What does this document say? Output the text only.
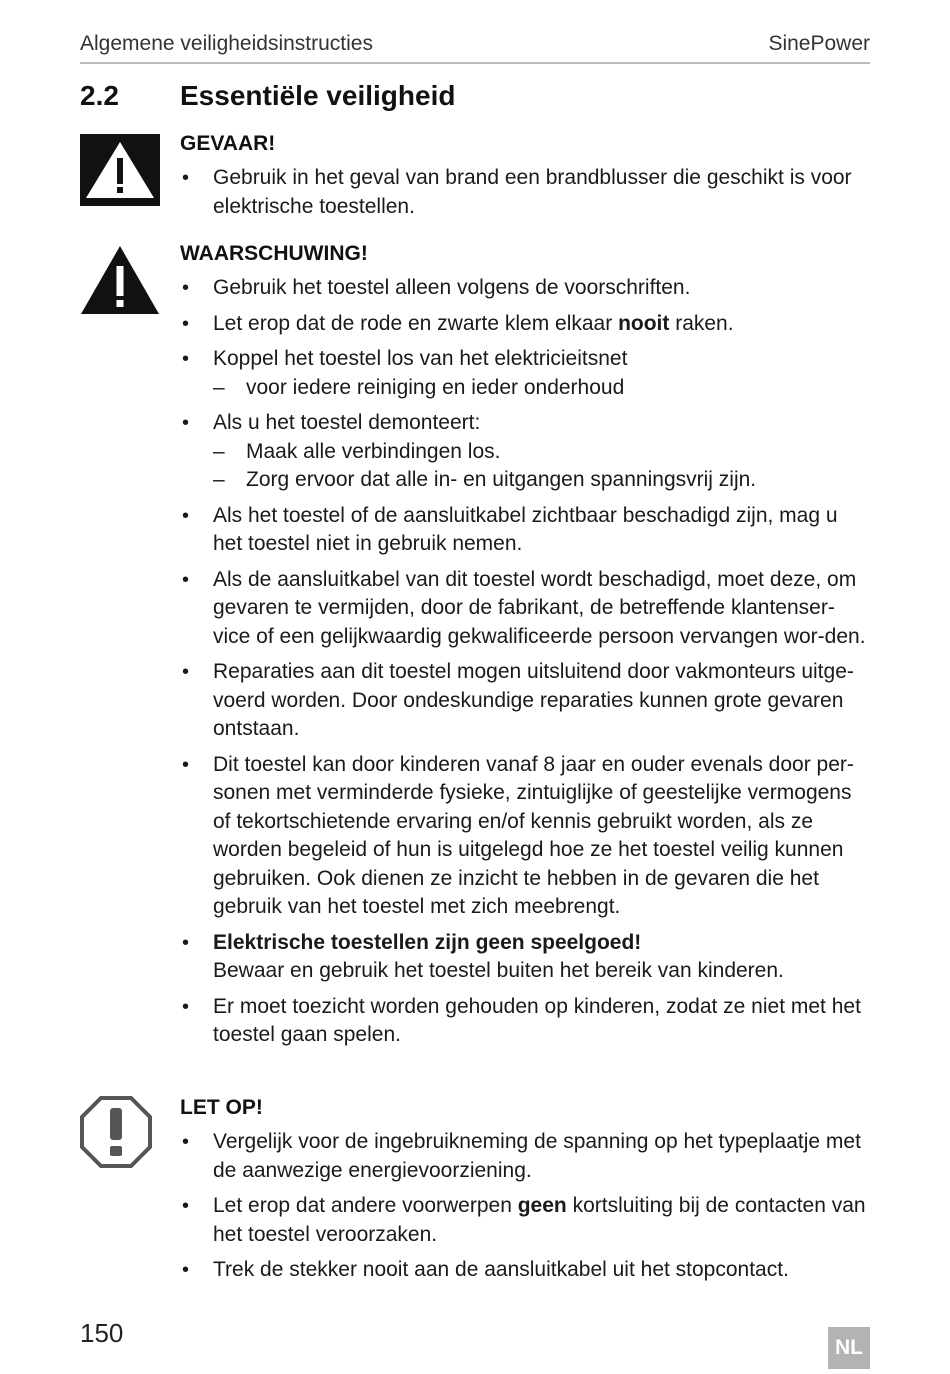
Algemene veiligheidsinstructies	SinePower
2.2 Essentiële veiligheid
GEVAAR!
• Gebruik in het geval van brand een brandblusser die geschikt is voor elektrische toestellen.
WAARSCHUWING!
• Gebruik het toestel alleen volgens de voorschriften.
• Let erop dat de rode en zwarte klem elkaar nooit raken.
• Koppel het toestel los van het elektricieitsnet
– voor iedere reiniging en ieder onderhoud
• Als u het toestel demonteert:
– Maak alle verbindingen los.
– Zorg ervoor dat alle in- en uitgangen spanningsvrij zijn.
• Als het toestel of de aansluitkabel zichtbaar beschadigd zijn, mag u het toestel niet in gebruik nemen.
• Als de aansluitkabel van dit toestel wordt beschadigd, moet deze, om gevaren te vermijden, door de fabrikant, de betreffende klantenser-vice of een gelijkwaardig gekwalificeerde persoon vervangen wor-den.
• Reparaties aan dit toestel mogen uitsluitend door vakmonteurs uitge-voerd worden. Door ondeskundige reparaties kunnen grote gevaren ontstaan.
• Dit toestel kan door kinderen vanaf 8 jaar en ouder evenals door per-sonen met verminderde fysieke, zintuiglijke of geestelijke vermogens of tekortschietende ervaring en/of kennis gebruikt worden, als ze worden begeleid of hun is uitgelegd hoe ze het toestel veilig kunnen gebruiken. Ook dienen ze inzicht te hebben in de gevaren die het gebruik van het toestel met zich meebrengt.
• Elektrische toestellen zijn geen speelgoed!
Bewaar en gebruik het toestel buiten het bereik van kinderen.
• Er moet toezicht worden gehouden op kinderen, zodat ze niet met het toestel gaan spelen.
LET OP!
• Vergelijk voor de ingebruikneming de spanning op het typeplaatje met de aanwezige energievoorziening.
• Let erop dat andere voorwerpen geen kortsluiting bij de contacten van het toestel veroorzaken.
• Trek de stekker nooit aan de aansluitkabel uit het stopcontact.
150	NL
